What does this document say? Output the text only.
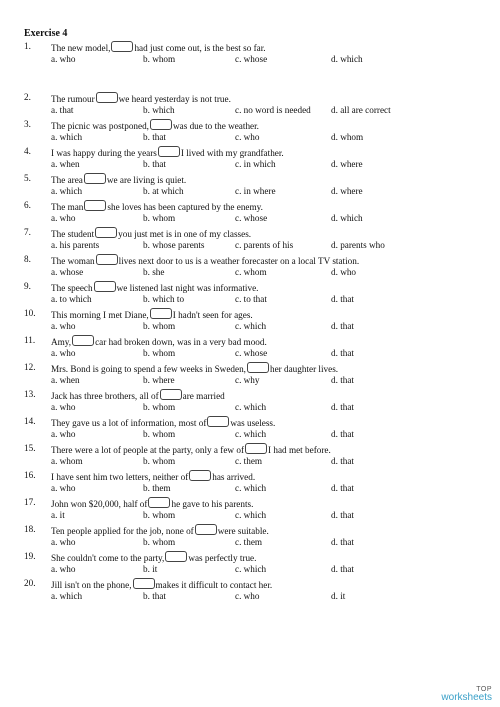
Exercise 4
1.	The new model,	had just come out, is the best so far.
a. who	b. whom	c. whose	d. which
2.	The rumour	we heard yesterday is not true.
a. that	b. which	c. no word is needed d. all are correct
3.	The picnic was postponed,	was due to the weather.
a. which	b. that	c. who	d. whom
4.	I was happy during the years	I lived with my grandfather.
a. when	b. that	c. in which	d. where
5.	The area	we are living is quiet.
a. which	b. at which	c. in where	d. where
6.	The man	she loves has been captured by the enemy.
a. who	b. whom	c. whose	d. which
7.	The student	you just met is in one of my classes.
a. his parents	b. whose parents	c. parents of his	d. parents who
8.	The woman	lives next door to us is a weather forecaster on a local TV station.
a. whose	b. she	c. whom	d. who
9.	The speech	we listened last night was informative.
a. to which	b. which to	c. to that	d. that
10.	This morning I met Diane,	I hadn't seen for ages.
a. who	b. whom	c. which	d. that
11.	Amy,	car had broken down, was in a very bad mood.
a. who	b. whom	c. whose	d. that
12.	Mrs. Bond is going to spend a few weeks in Sweden,	her daughter lives.
a. when	b. where	c. why	d. that
13.	Jack has three brothers, all of	are married
a. who	b. whom	c. which	d. that
14.	They gave us a lot of information, most of	was useless.
a. who	b. whom	c. which	d. that
15.	There were a lot of people at the party, only a few of	I had met before.
a. whom	b. whom	c. them	d. that
16.	I have sent him two letters, neither of	has arrived.
a. who	b. them	c. which	d. that
17.	John won $20,000, half of	he gave to his parents.
a. it	b. whom	c. which	d. that
18.	Ten people applied for the job, none of	were suitable.
a. who	b. whom	c. them	d. that
19.	She couldn't come to the party,	was perfectly true.
a. who	b. it	c. which	d. that
20.	Jill isn't on the phone,	makes it difficult to contact her.
a. which	b. that	c. who	d. it
TOP
worksheets
